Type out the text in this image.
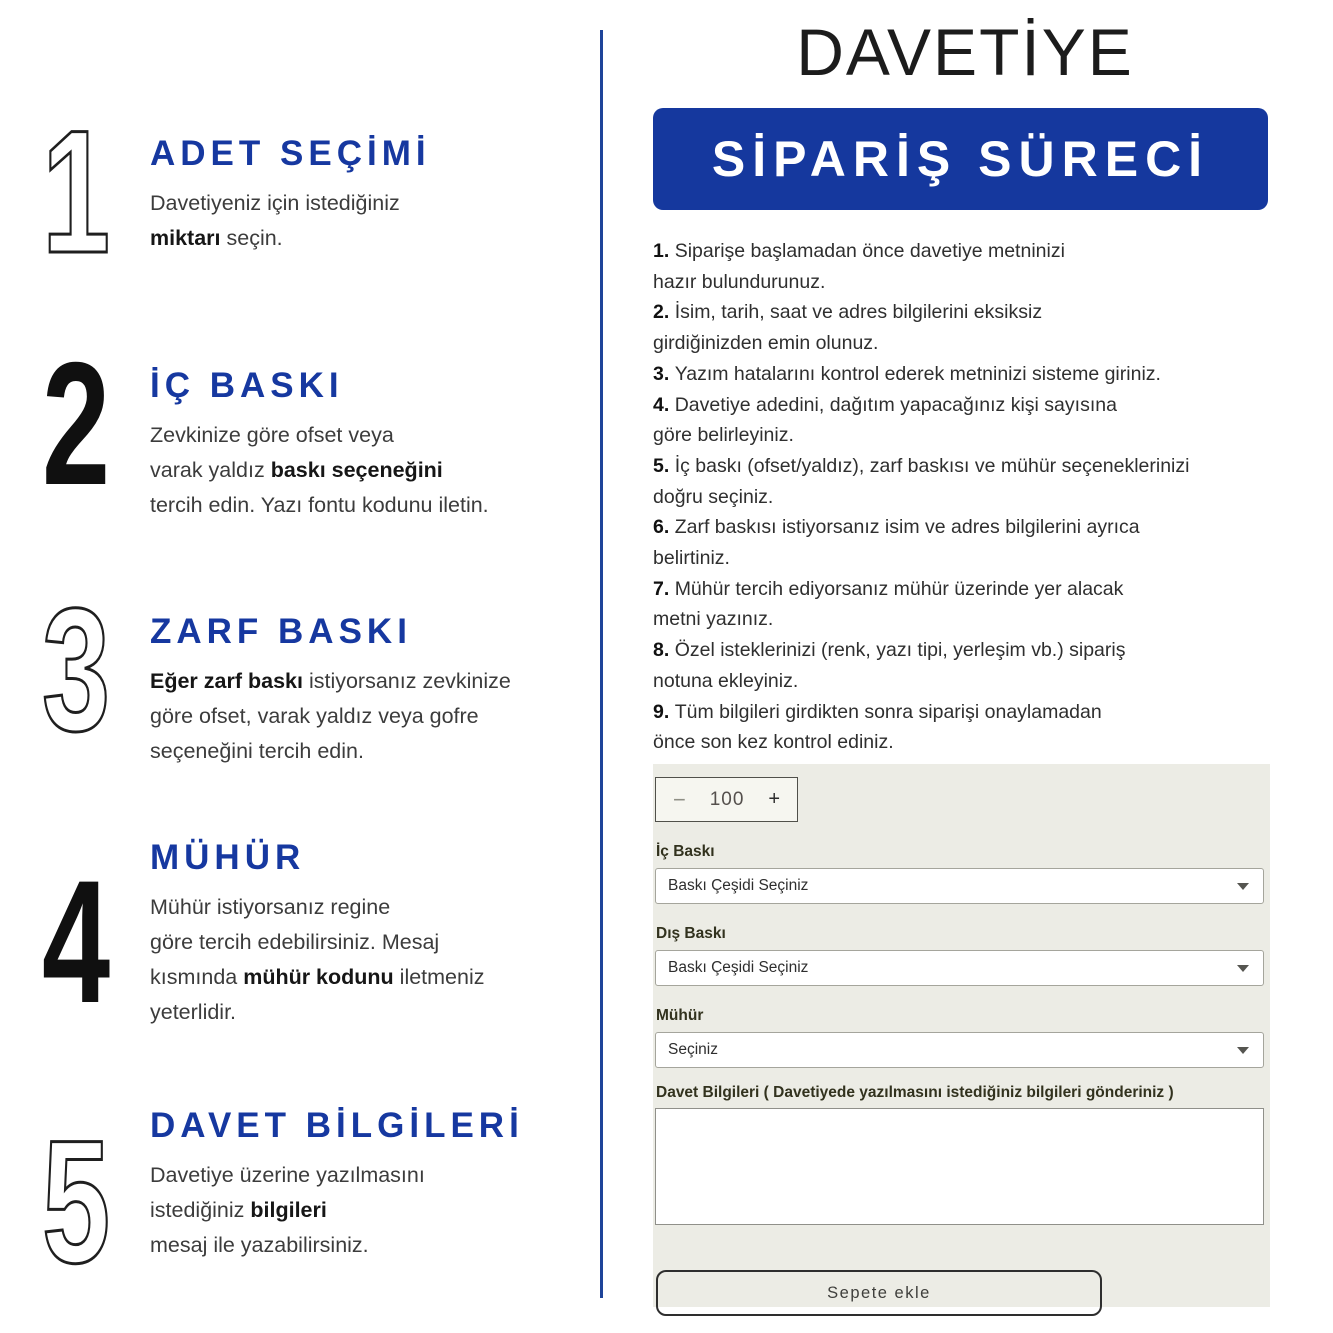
DAVETİYE
SİPARİŞ SÜRECİ

1. Siparişe başlamadan önce davetiye metninizi
hazır bulundurunuz.

2. İsim, tarih, saat ve adres bilgilerini eksiksiz
girdiğinizden emin olunuz.

3. Yazım hatalarını kontrol ederek metninizi sisteme giriniz.

4. Davetiye adedini, dağıtım yapacağınız kişi sayısına
göre belirleyiniz.

5. İç baskı (ofset/yaldız), zarf baskısı ve mühür seçeneklerinizi
doğru seçiniz.

6. Zarf baskısı istiyorsanız isim ve adres bilgilerini ayrıca
belirtiniz.

7. Mühür tercih ediyorsanız mühür üzerinde yer alacak
metni yazınız.

8. Özel isteklerinizi (renk, yazı tipi, yerleşim vb.) sipariş
notuna ekleyiniz.

9. Tüm bilgileri girdikten sonra siparişi onaylamadan
önce son kez kontrol ediniz.

1 ADET SEÇİMİ

Davetiyeniz için istediğiniz
miktarı seçin.

2 İÇ BASKI

Zevkinize göre ofset veya
varak yaldız baskı seçeneğini
tercih edin. Yazı fontu kodunu iletin.

3 ZARF BASKI

Eğer zarf baskı istiyorsanız zevkinize
göre ofset, varak yaldız veya gofre
seçeneğini tercih edin.

4 MÜHÜR

Mühür istiyorsanız regine
göre tercih edebilirsiniz. Mesaj
kısmında mühür kodunu iletmeniz
yeterlidir.

5 DAVET BİLGİLERİ

Davetiye üzerine yazılmasını
istediğiniz bilgileri
mesaj ile yazabilirsiniz.

− 100 +
İç Baskı
Baskı Çeşidi Seçiniz
Dış Baskı
Baskı Çeşidi Seçiniz
Mühür
Seçiniz
Davet Bilgileri ( Davetiyede yazılmasını istediğiniz bilgileri gönderiniz )
Sepete ekle
